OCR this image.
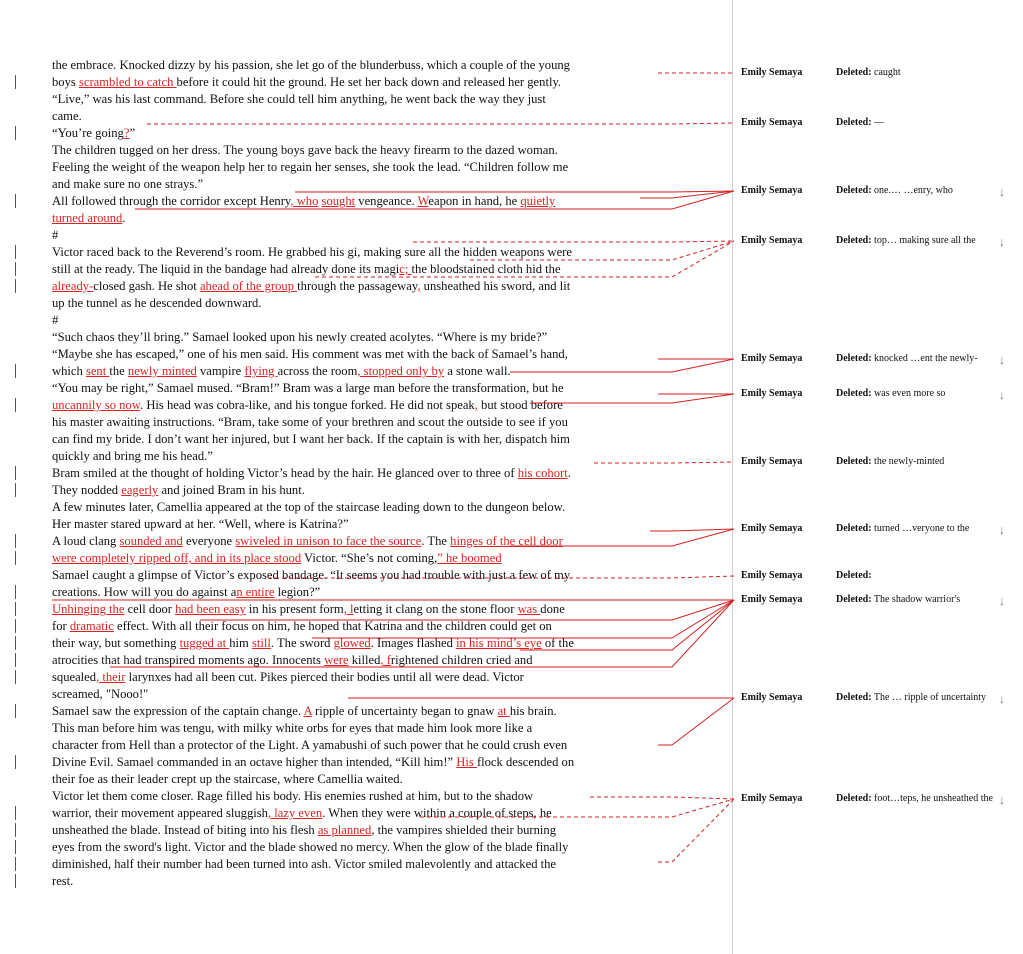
the embrace. Knocked dizzy by his passion, she let go of the blunderbuss, which a couple of the young
boys scrambled to catch before it could hit the ground. He set her back down and released her gently.
“Live,” was his last command. Before she could tell him anything, he went back the way they just
came.
“You’re going?”
The children tugged on her dress. The young boys gave back the heavy firearm to the dazed woman.
Feeling the weight of the weapon help her to regain her senses, she took the lead. “Children follow me
and make sure no one strays.”
All followed through the corridor except Henry, who sought vengeance. Weapon in hand, he quietly
turned around.
#
Victor raced back to the Reverend’s room. He grabbed his gi, making sure all the hidden weapons were
still at the ready. The liquid in the bandage had already done its magic; the bloodstained cloth hid the
already-closed gash. He shot ahead of the group through the passageway, unsheathed his sword, and lit
up the tunnel as he descended downward.
#
“Such chaos they’ll bring.” Samael looked upon his newly created acolytes. “Where is my bride?”
“Maybe she has escaped,” one of his men said. His comment was met with the back of Samael’s hand,
which sent the newly minted vampire flying across the room, stopped only by a stone wall.
“You may be right,” Samael mused. “Bram!” Bram was a large man before the transformation, but he
uncannily so now. His head was cobra-like, and his tongue forked. He did not speak, but stood before
his master awaiting instructions. “Bram, take some of your brethren and scout the outside to see if you
can find my bride. I don’t want her injured, but I want her back. If the captain is with her, dispatch him
quickly and bring me his head.”
Bram smiled at the thought of holding Victor’s head by the hair. He glanced over to three of his cohort.
They nodded eagerly and joined Bram in his hunt.
A few minutes later, Camellia appeared at the top of the staircase leading down to the dungeon below.
Her master stared upward at her. “Well, where is Katrina?”
A loud clang sounded and everyone swiveled in unison to face the source. The hinges of the cell door
were completely ripped off, and in its place stood Victor. “She’s not coming,” he boomed
Samael caught a glimpse of Victor’s exposed bandage. “It seems you had trouble with just a few of my
creations. How will you do against an entire legion?”
Unhinging the cell door had been easy in his present form, letting it clang on the stone floor was done
for dramatic effect. With all their focus on him, he hoped that Katrina and the children could get on
their way, but something tugged at him still. The sword glowed. Images flashed in his mind’s eye of the
atrocities that had transpired moments ago. Innocents were killed, frightened children cried and
squealed, their larynxes had all been cut. Pikes pierced their bodies until all were dead. Victor
screamed, "Nooo!"
Samael saw the expression of the captain change. A ripple of uncertainty began to gnaw at his brain.
This man before him was tengu, with milky white orbs for eyes that made him look more like a
character from Hell than a protector of the Light. A yamabushi of such power that he could crush even
Divine Evil. Samael commanded in an octave higher than intended, “Kill him!” His flock descended on
their foe as their leader crept up the staircase, where Camellia waited.
Victor let them come closer. Rage filled his body. His enemies rushed at him, but to the shadow
warrior, their movement appeared sluggish, lazy even. When they were within a couple of steps, he
unsheathed the blade. Instead of biting into his flesh as planned, the vampires shielded their burning
eyes from the sword's light. Victor and the blade showed no mercy. When the glow of the blade finally
diminished, half their number had been turned into ash. Victor smiled malevolently and attacked the
rest.
Emily Semaya	Deleted: caught
Emily Semaya	Deleted: —
Emily Semaya	Deleted: one.… …enry, who	↓
Emily Semaya	Deleted: top… making sure all the ↓
Emily Semaya	Deleted: knocked …ent the newly- ↓
Emily Semaya	Deleted: was even more so	↓
Emily Semaya	Deleted: the newly-minted
Emily Semaya	Deleted: turned …veryone to the ↓
Emily Semaya	Deleted:
Emily Semaya	Deleted: The shadow warrior's	↓
Emily Semaya	Deleted: The … ripple of uncertainty ↓
Emily Semaya	Deleted: foot…teps, he unsheathed the ↓
